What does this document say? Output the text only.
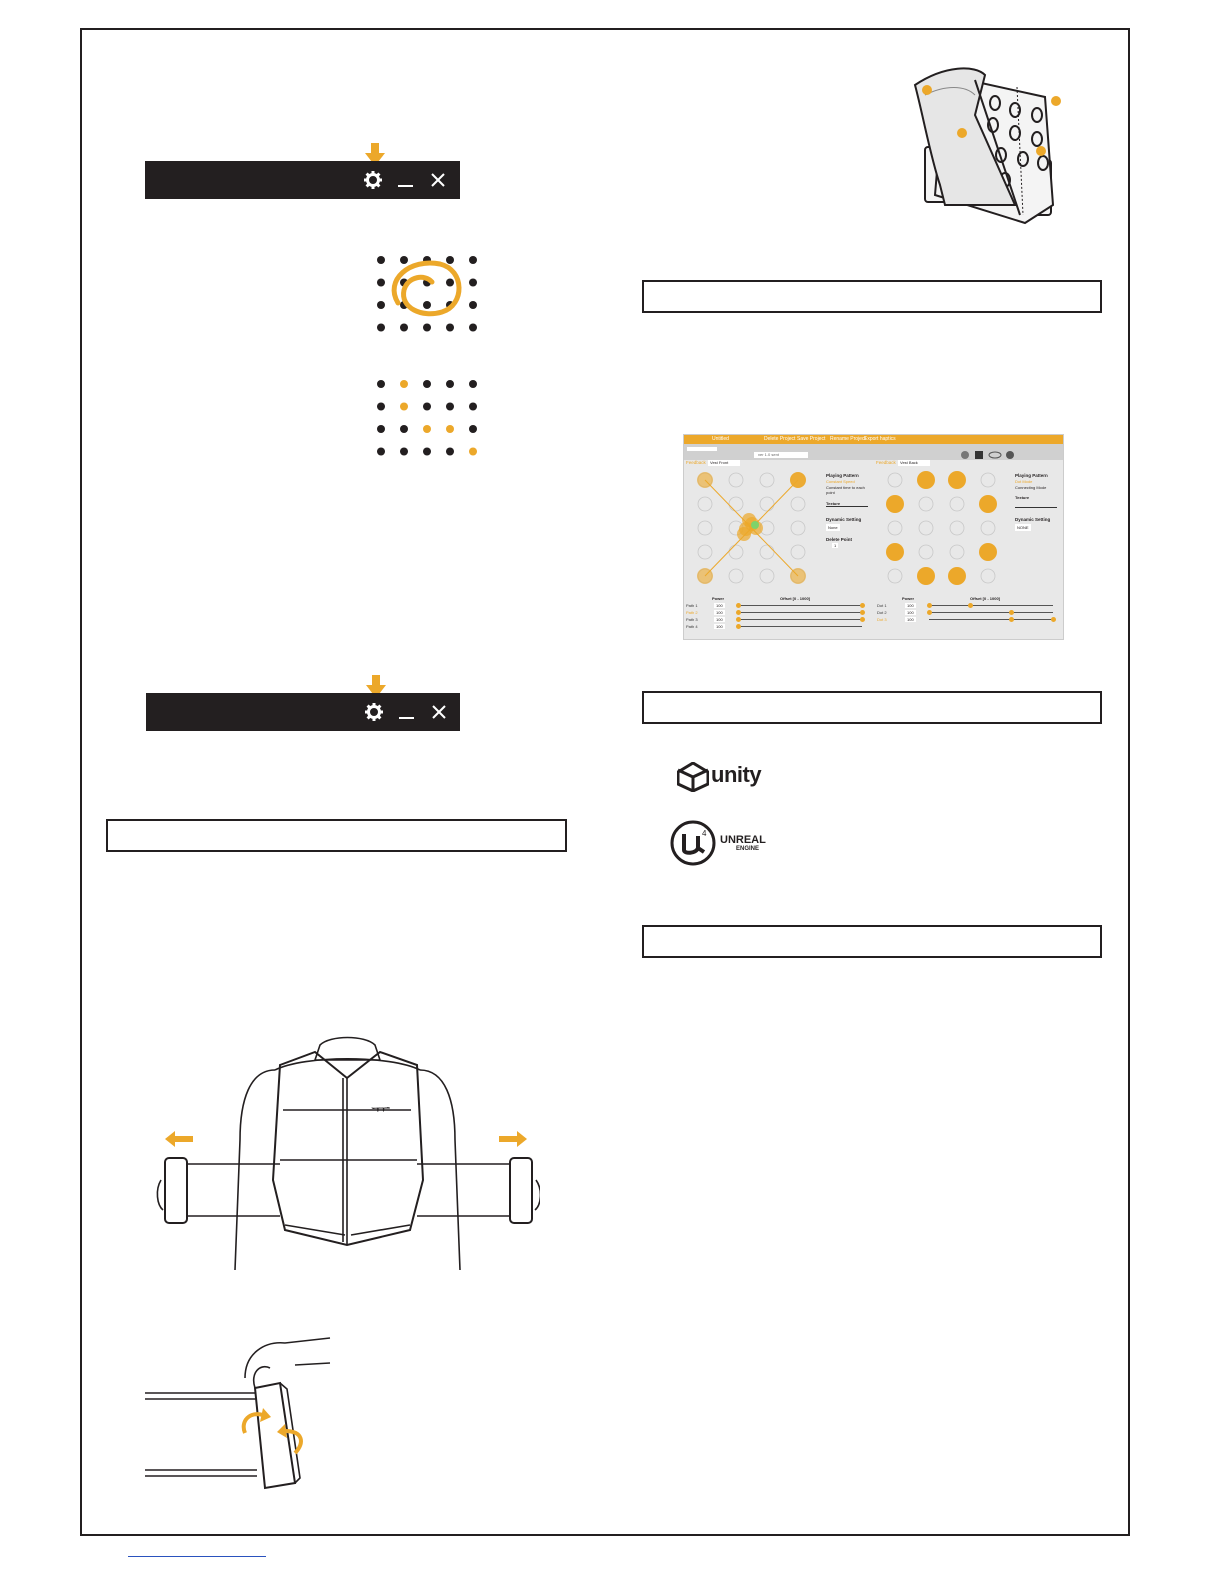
Untitled	Delete Project Save Project Rename Project
Export haptics
ver 1.0 sent
Feedback	Vest Front
Playing Pattern
Constant Speed
Constant time to each point
Texture
Dynamic Setting
None
Delete Point
1
Power	Offset [0 - 1000]
Feedback	Vest Back
Playing Pattern
Dot Mode
Connecting Mode
Texture
Dynamic Setting
NONE
Power	Offset [0 - 1000]
Path 1	100
Path 2	100
Path 3	100
Path 4	100
Dot 1	100
Dot 2	100
Dot 3	100
unity
4
UNREAL
ENGINE
ᅲ
